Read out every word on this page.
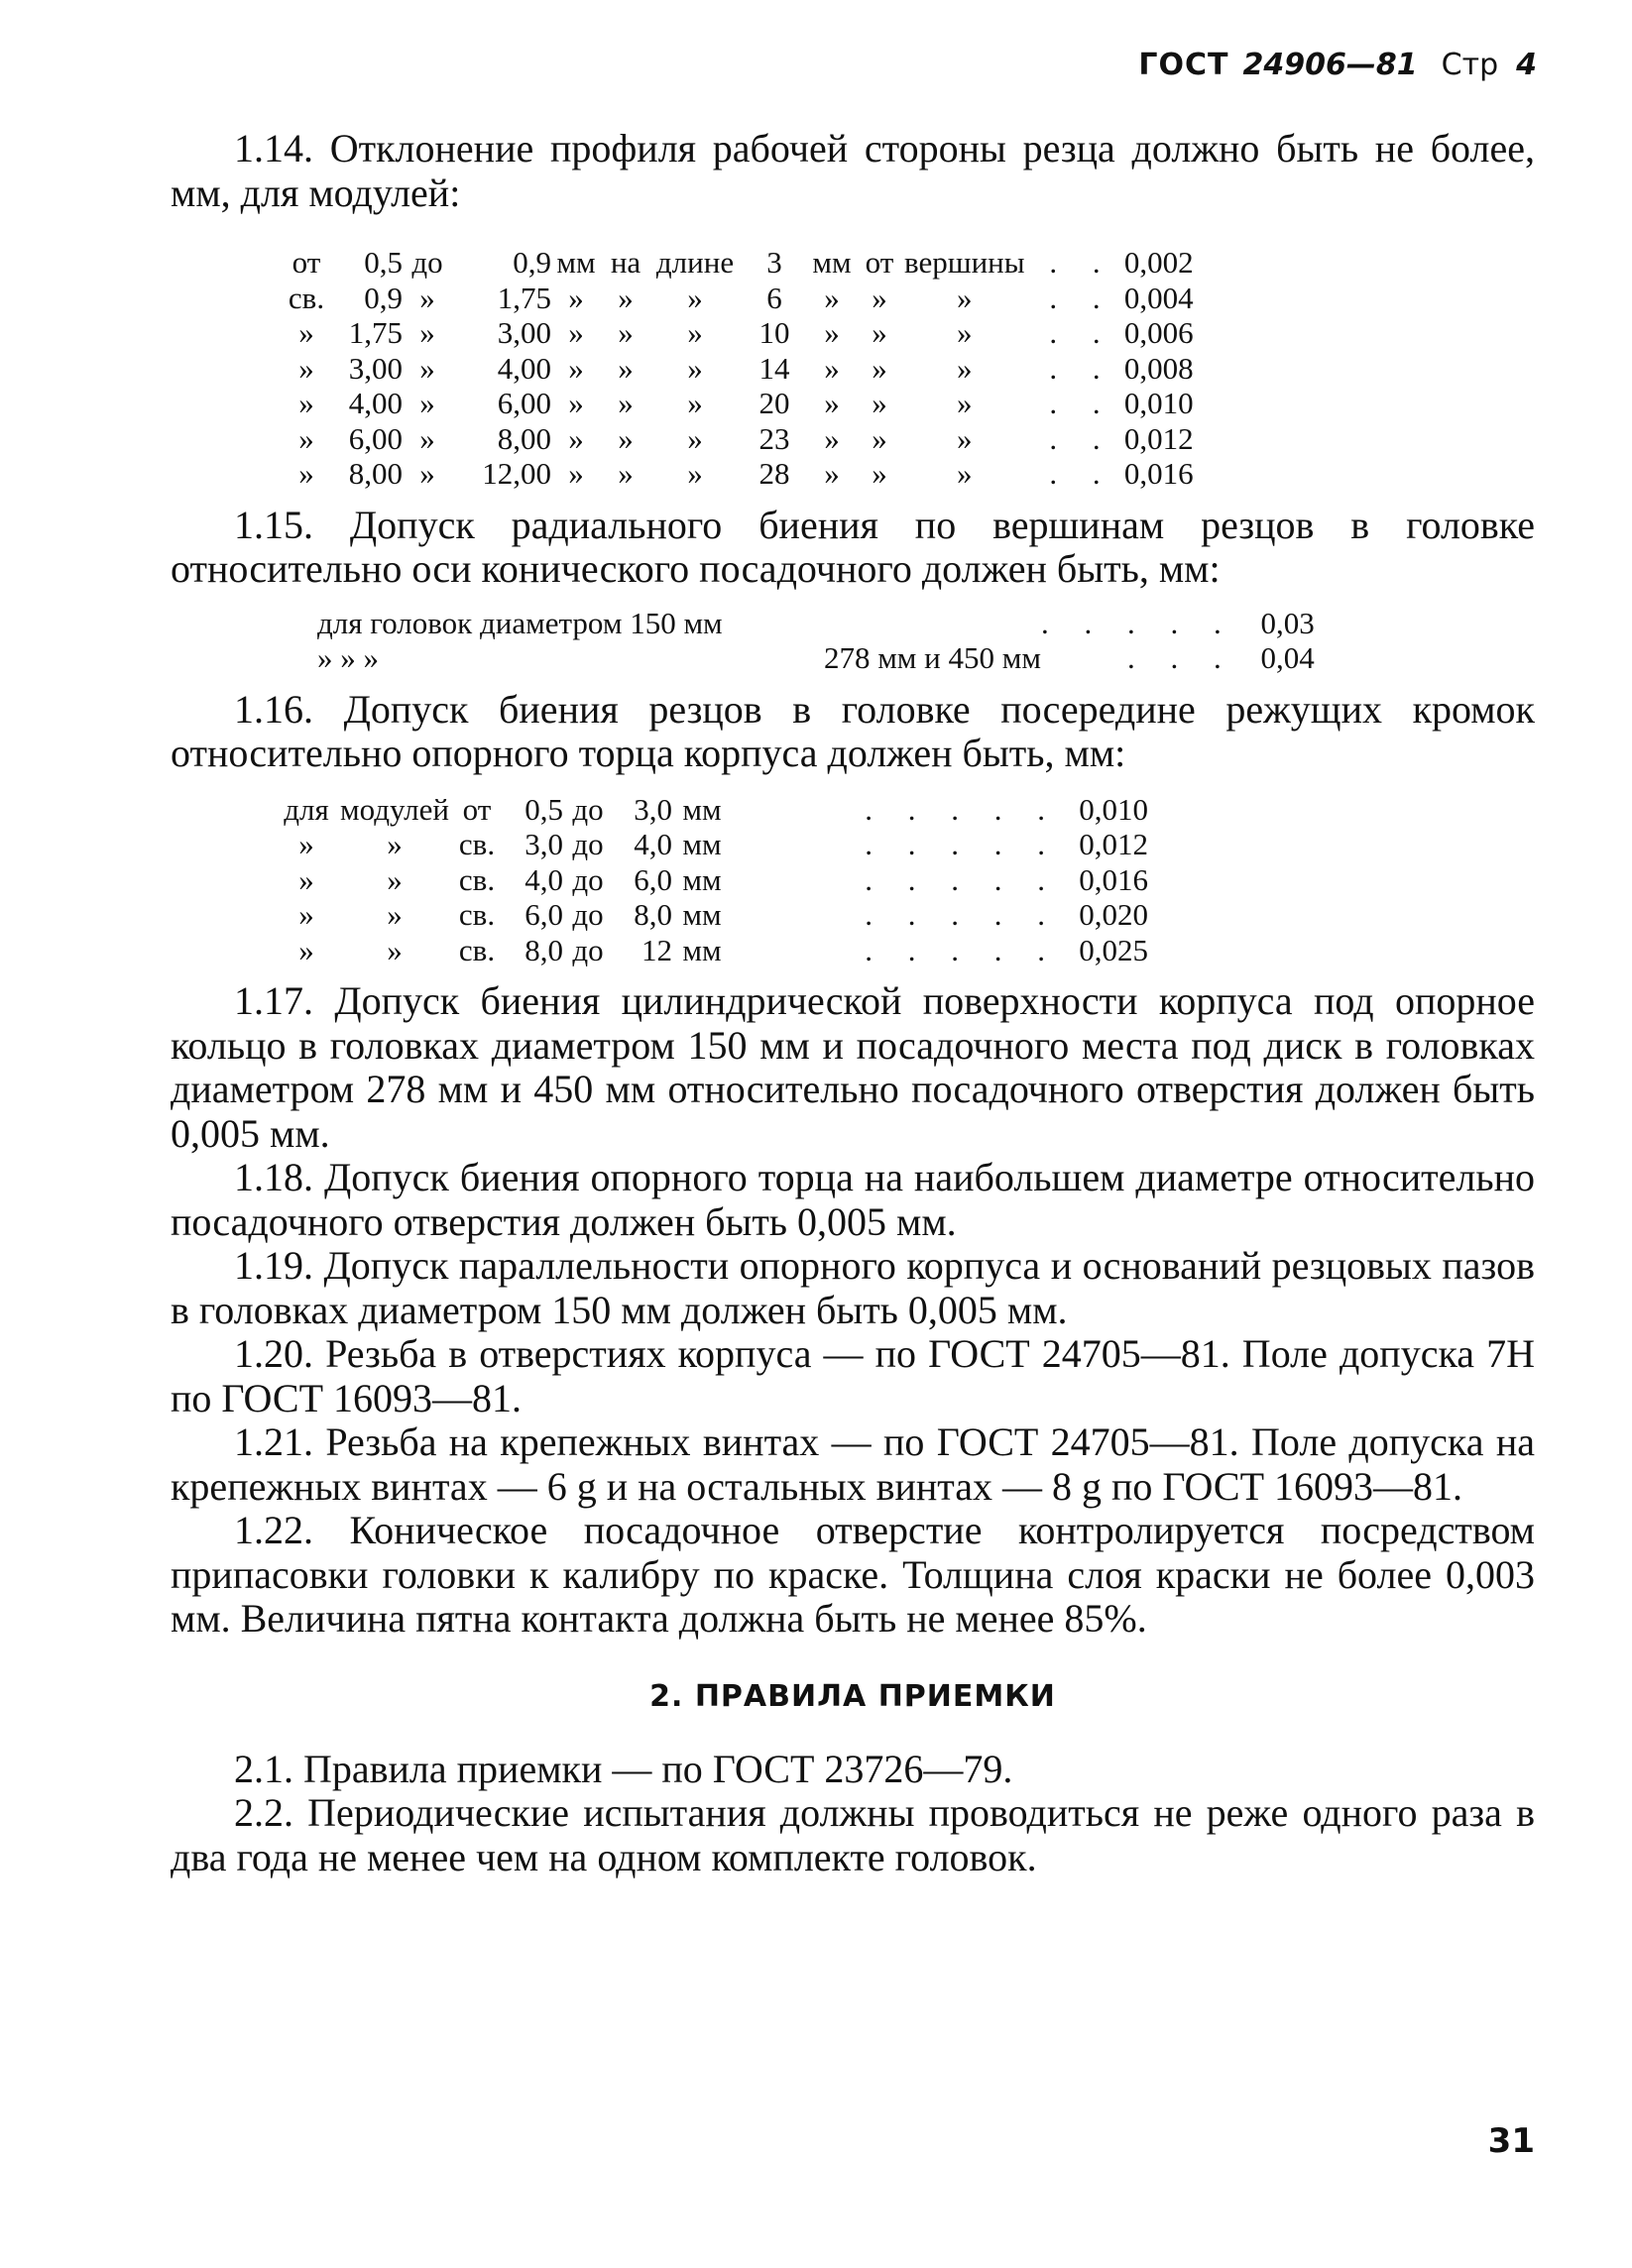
ГОСТ 24906—81 Стр 4

1.14. Отклонение профиля рабочей стороны резца должно быть не более, мм, для модулей:

от	0,5	до	0,9	мм	на	длине	3	мм	от	вершины	. .	0,002
св.	0,9	»	1,75	»	»	»	6	»	»	»	. .	0,004
»	1,75	»	3,00	»	»	»	10	»	»	»	. .	0,006
»	3,00	»	4,00	»	»	»	14	»	»	»	. .	0,008
»	4,00	»	6,00	»	»	»	20	»	»	»	. .	0,010
»	6,00	»	8,00	»	»	»	23	»	»	»	. .	0,012
»	8,00	»	12,00	»	»	»	28	»	»	»	. .	0,016

1.15. Допуск радиального биения по вершинам резцов в головке относительно оси конического посадочного должен быть, мм:

для головок диаметром 150 мм		. . . . .	0,03
» » »	278 мм и 450 мм	. . .	0,04

1.16. Допуск биения резцов в головке посередине режущих кромок относительно опорного торца корпуса должен быть, мм:

для	модулей	от	0,5	до	3,0	мм	. . . . .	0,010
»	»	св.	3,0	до	4,0	мм	. . . . .	0,012
»	»	св.	4,0	до	6,0	мм	. . . . .	0,016
»	»	св.	6,0	до	8,0	мм	. . . . .	0,020
»	»	св.	8,0	до	12	мм	. . . . .	0,025

1.17. Допуск биения цилиндрической поверхности корпуса под опорное кольцо в головках диаметром 150 мм и посадочного места под диск в головках диаметром 278 мм и 450 мм относительно посадочного отверстия должен быть 0,005 мм.

1.18. Допуск биения опорного торца на наибольшем диаметре относительно посадочного отверстия должен быть 0,005 мм.

1.19. Допуск параллельности опорного корпуса и оснований резцовых пазов в головках диаметром 150 мм должен быть 0,005 мм.

1.20. Резьба в отверстиях корпуса — по ГОСТ 24705—81. Поле допуска 7Н по ГОСТ 16093—81.

1.21. Резьба на крепежных винтах — по ГОСТ 24705—81. Поле допуска на крепежных винтах — 6 g и на остальных винтах — 8 g по ГОСТ 16093—81.

1.22. Коническое посадочное отверстие контролируется посредством припасовки головки к калибру по краске. Толщина слоя краски не более 0,003 мм. Величина пятна контакта должна быть не менее 85%.

2. ПРАВИЛА ПРИЕМКИ

2.1. Правила приемки — по ГОСТ 23726—79.

2.2. Периодические испытания должны проводиться не реже одного раза в два года не менее чем на одном комплекте головок.

31
